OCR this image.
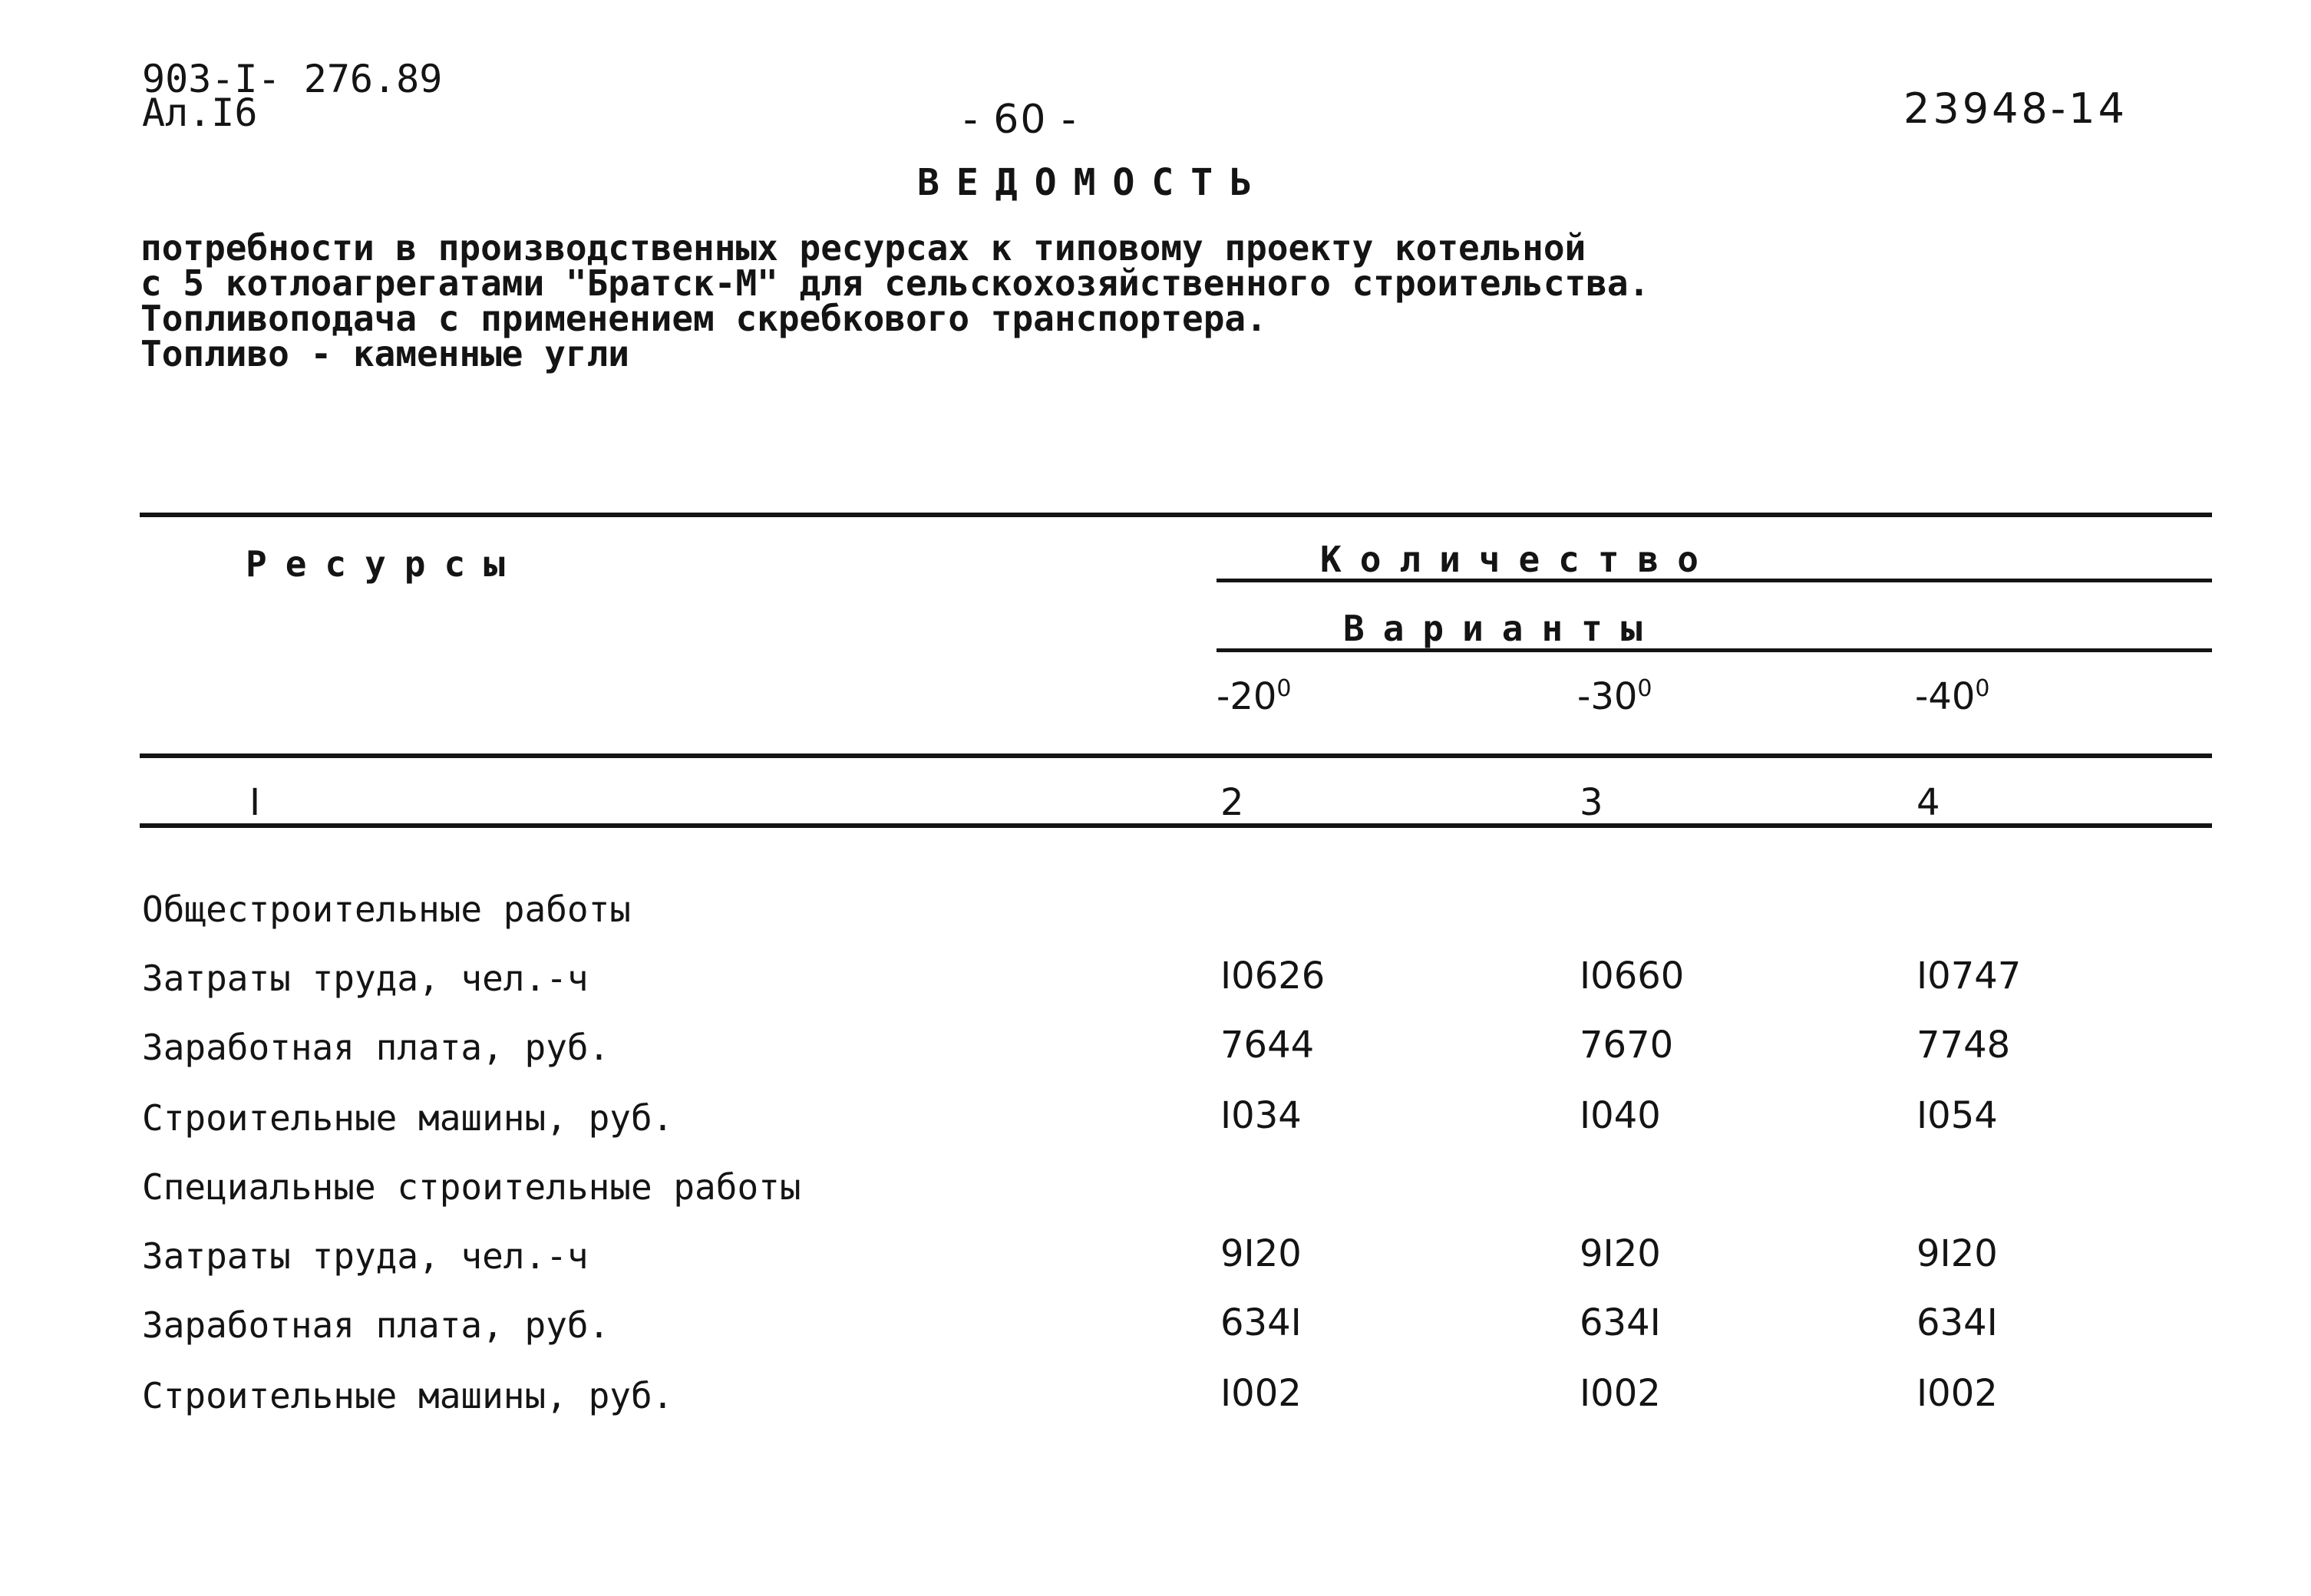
903-I- 276.89
Ал.I6	- 60 -	23948-14
ВЕДОМОСТЬ
потребности в производственных ресурсах к типовому проекту котельной
с 5 котлоагрегатами "Братск-М" для сельскохозяйственного строительства.
Топливоподача с применением скребкового транспортера.
Топливо - каменные угли
Ресурсы	Количество
Варианты
$-20^0$	$-30^0$	$-40^0$
I	2	3	4
Общестроительные работы
Затраты труда, чел.-ч	I0626	I0660	I0747
Заработная плата, руб.	7644	7670	7748
Строительные машины, руб.	I034	I040	I054
Специальные строительные работы
Затраты труда, чел.-ч	9I20	9I20	9I20
Заработная плата, руб.	634I	634I	634I
Строительные машины, руб.	I002	I002	I002
